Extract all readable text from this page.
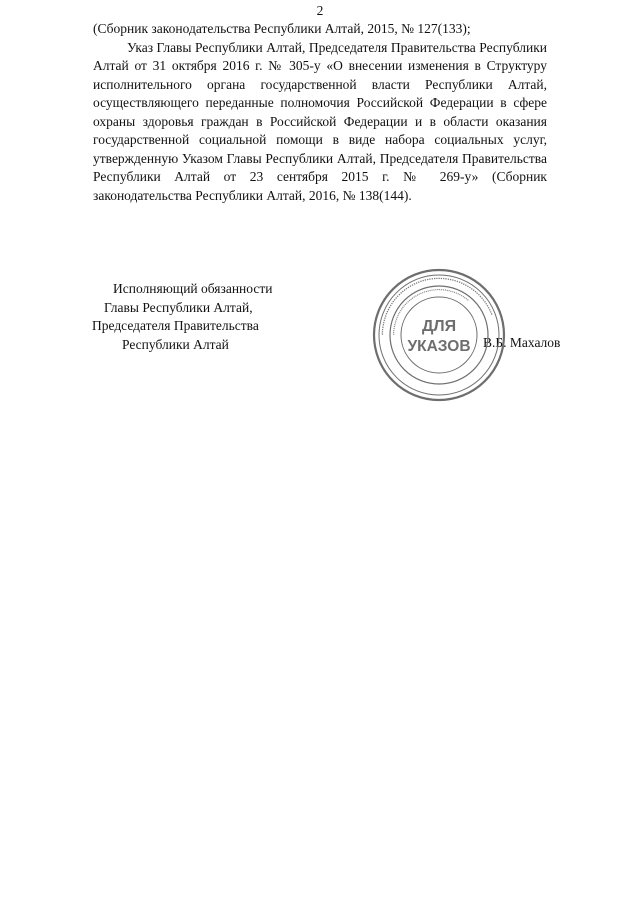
2

(Сборник законодательства Республики Алтай, 2015, № 127(133);

Указ Главы Республики Алтай, Председателя Правительства Республики Алтай от 31 октября 2016 г. № 305-у «О внесении изменения в Структуру исполнительного органа государственной власти Республики Алтай, осуществляющего переданные полномочия Российской Федерации в сфере охраны здоровья граждан в Российской Федерации и в области оказания государственной социальной помощи в виде набора социальных услуг, утвержденную Указом Главы Республики Алтай, Председателя Правительства Республики Алтай от 23 сентября 2015 г. № 269-у» (Сборник законодательства Республики Алтай, 2016, № 138(144).

Исполняющий обязанности
Главы Республики Алтай,
Председателя Правительства
Республики Алтай	В.Б. Махалов
▪▪▪▪▪▪▪▪▪▪▪▪▪▪▪▪▪▪▪▪▪▪▪▪▪▪▪▪▪▪▪▪▪▪▪▪▪▪▪▪▪▪▪▪▪▪▪▪▪▪▪▪▪▪▪▪▪▪▪▪▪▪▪▪▪▪▪▪
▪▪▪▪▪▪▪▪▪▪▪▪▪▪▪▪▪▪▪▪▪▪▪▪▪▪▪▪▪▪▪▪▪▪▪▪▪▪▪▪▪▪▪▪▪▪▪▪▪▪▪▪▪▪
ДЛЯ
УКАЗОВ
